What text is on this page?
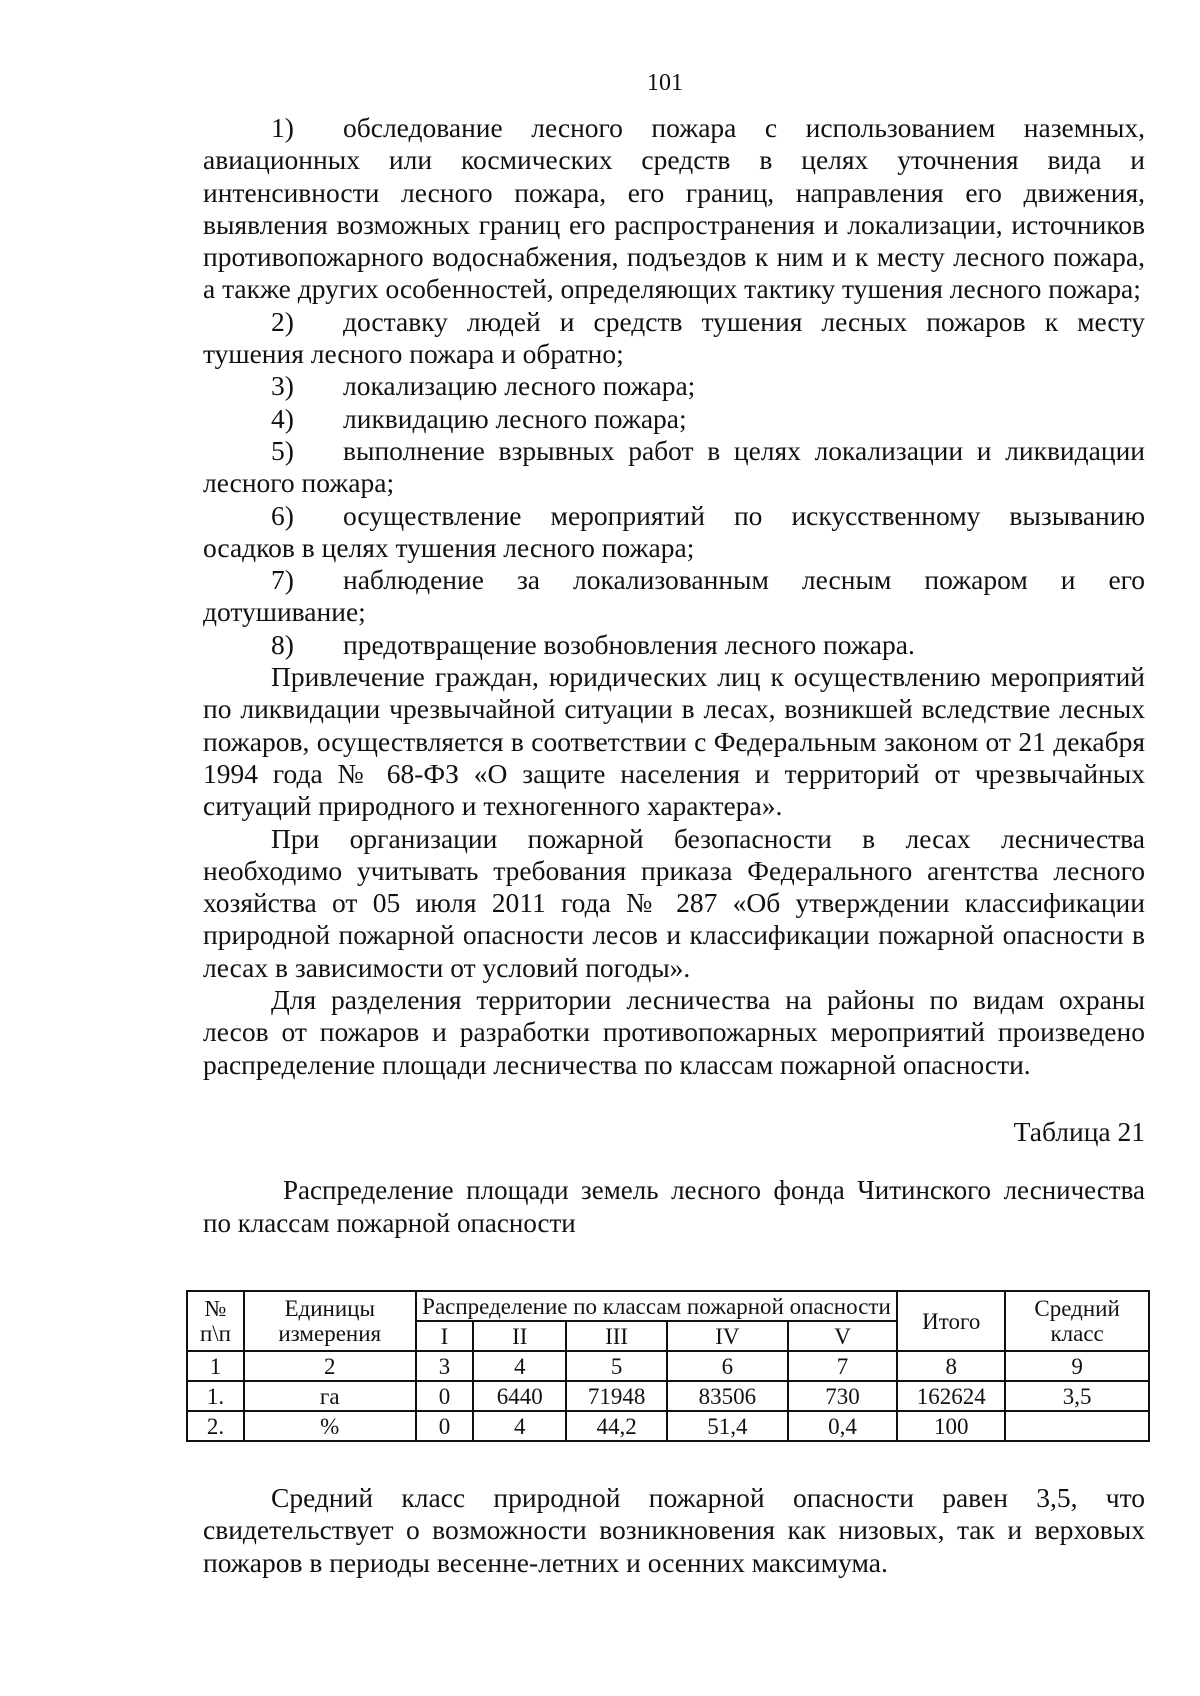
101
1)	обследование лесного пожара с использованием наземных,
авиационных или космических средств в целях уточнения вида и интенсивности лесного пожара, его границ, направления его движения, выявления возможных границ его распространения и локализации, источников противопожарного водоснабжения, подъездов к ним и к месту лесного пожара, а также других особенностей, определяющих тактику тушения лесного пожара;
2)	доставку людей и средств тушения лесных пожаров к месту
тушения лесного пожара и обратно;
3)	локализацию лесного пожара;
4)	ликвидацию лесного пожара;
5)	выполнение взрывных работ в целях локализации и ликвидации
лесного пожара;
6)	осуществление мероприятий по искусственному вызыванию
осадков в целях тушения лесного пожара;
7)	наблюдение за локализованным лесным пожаром и его
дотушивание;
8)	предотвращение возобновления лесного пожара.
Привлечение граждан, юридических лиц к осуществлению мероприятий по ликвидации чрезвычайной ситуации в лесах, возникшей вследствие лесных пожаров, осуществляется в соответствии с Федеральным законом от 21 декабря 1994 года № 68-ФЗ «О защите населения и территорий от чрезвычайных ситуаций природного и техногенного характера».
При организации пожарной безопасности в лесах лесничества необходимо учитывать требования приказа Федерального агентства лесного хозяйства от 05 июля 2011 года № 287 «Об утверждении классификации природной пожарной опасности лесов и классификации пожарной опасности в лесах в зависимости от условий погоды».
Для разделения территории лесничества на районы по видам охраны лесов от пожаров и разработки противопожарных мероприятий произведено распределение площади лесничества по классам пожарной опасности.
Таблица 21
Распределение площади земель лесного фонда Читинского лесничества по классам пожарной опасности
№ п\п	Единицы измерения	Распределение по классам пожарной опасности					Итого	Средний класс
		I	II	III	IV	V		
1	2	3	4	5	6	7	8	9
1.	га	0	6440	71948	83506	730	162624	3,5
2.	%	0	4	44,2	51,4	0,4	100	
Средний класс природной пожарной опасности равен 3,5, что свидетельствует о возможности возникновения как низовых, так и верховых пожаров в периоды весенне-летних и осенних максимума.
